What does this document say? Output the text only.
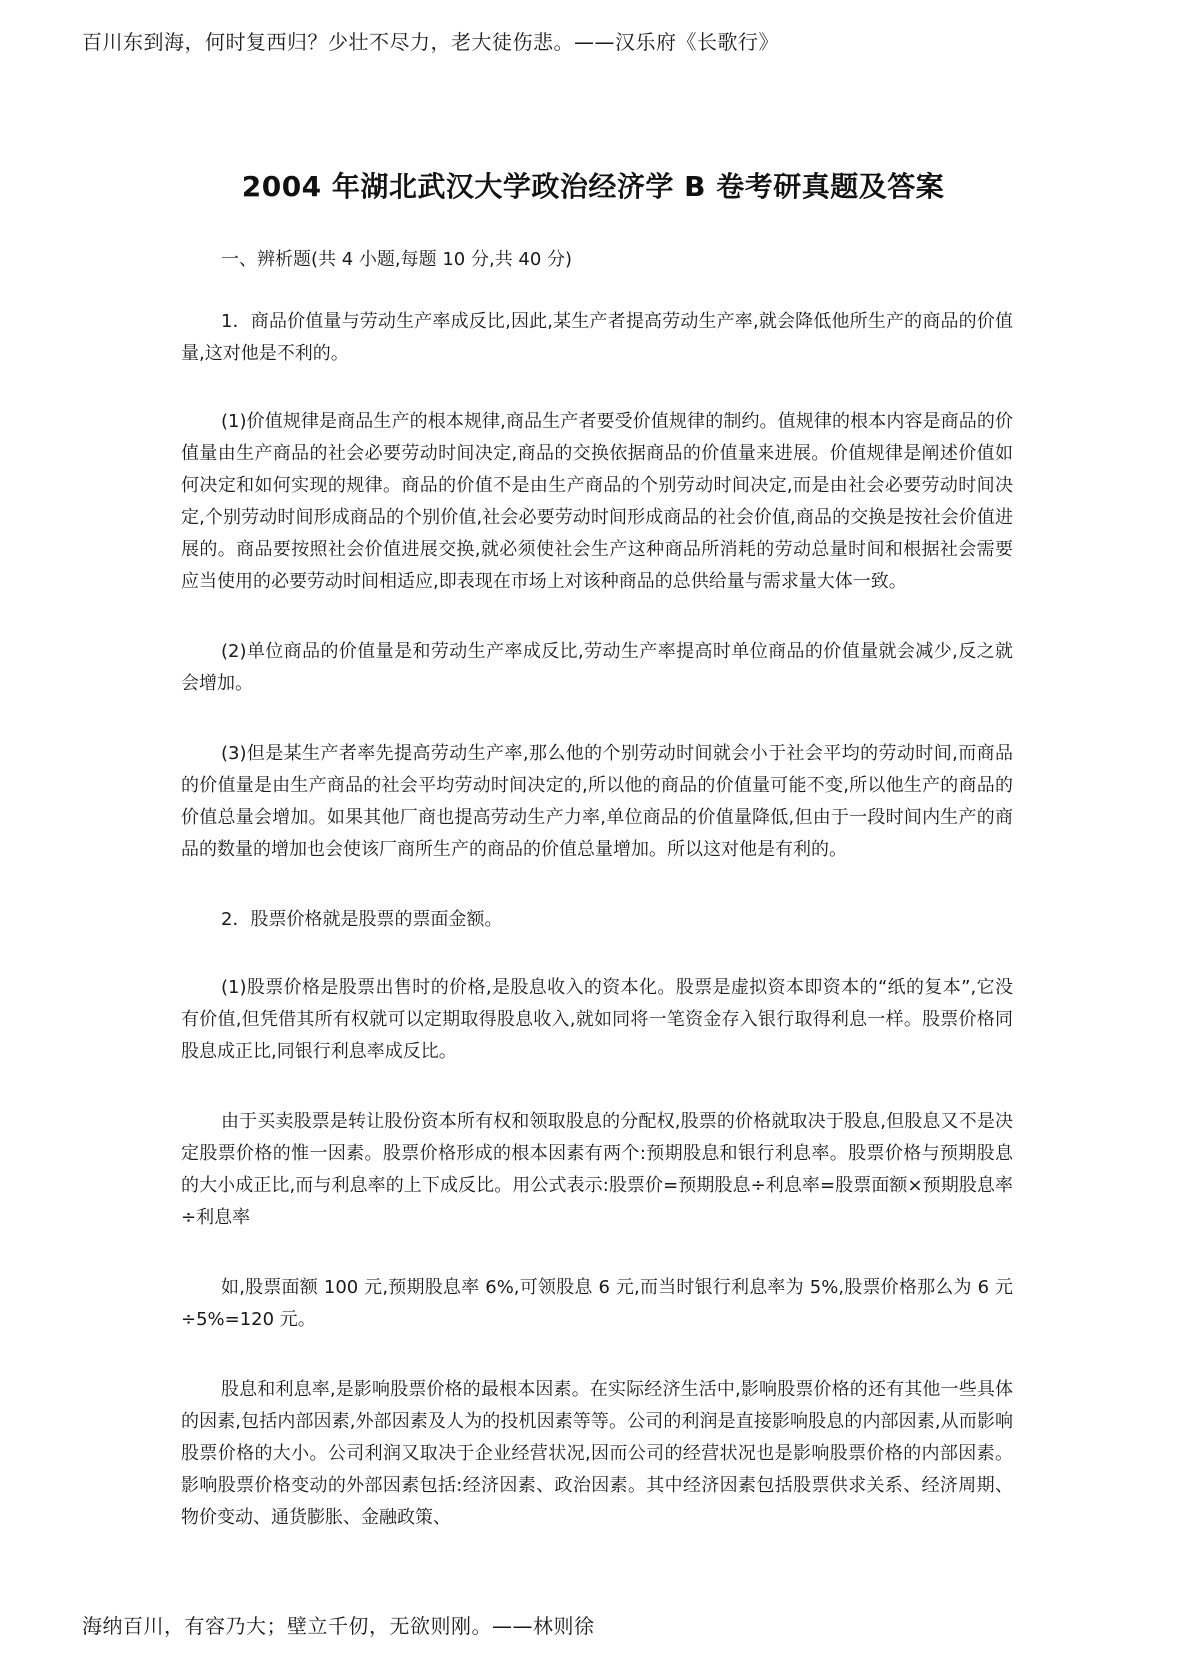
百川东到海，何时复西归？少壮不尽力，老大徒伤悲。——汉乐府《长歌行》
2004 年湖北武汉大学政治经济学 B 卷考研真题及答案

一、辨析题(共 4 小题,每题 10 分,共 40 分)

1．商品价值量与劳动生产率成反比,因此,某生产者提高劳动生产率,就会降低他所生产的商品的价值量,这对他是不利的。

(1)价值规律是商品生产的根本规律,商品生产者要受价值规律的制约。值规律的根本内容是商品的价值量由生产商品的社会必要劳动时间决定,商品的交换依据商品的价值量来进展。价值规律是阐述价值如何决定和如何实现的规律。商品的价值不是由生产商品的个别劳动时间决定,而是由社会必要劳动时间决定,个别劳动时间形成商品的个别价值,社会必要劳动时间形成商品的社会价值,商品的交换是按社会价值进展的。商品要按照社会价值进展交换,就必须使社会生产这种商品所消耗的劳动总量时间和根据社会需要应当使用的必要劳动时间相适应,即表现在市场上对该种商品的总供给量与需求量大体一致。

(2)单位商品的价值量是和劳动生产率成反比,劳动生产率提高时单位商品的价值量就会减少,反之就会增加。

(3)但是某生产者率先提高劳动生产率,那么他的个别劳动时间就会小于社会平均的劳动时间,而商品的价值量是由生产商品的社会平均劳动时间决定的,所以他的商品的价值量可能不变,所以他生产的商品的价值总量会增加。如果其他厂商也提高劳动生产力率,单位商品的价值量降低,但由于一段时间内生产的商品的数量的增加也会使该厂商所生产的商品的价值总量增加。所以这对他是有利的。

2．股票价格就是股票的票面金额。

(1)股票价格是股票出售时的价格,是股息收入的资本化。股票是虚拟资本即资本的“纸的复本”,它没有价值,但凭借其所有权就可以定期取得股息收入,就如同将一笔资金存入银行取得利息一样。股票价格同股息成正比,同银行利息率成反比。

由于买卖股票是转让股份资本所有权和领取股息的分配权,股票的价格就取决于股息,但股息又不是决定股票价格的惟一因素。股票价格形成的根本因素有两个:预期股息和银行利息率。股票价格与预期股息的大小成正比,而与利息率的上下成反比。用公式表示:股票价=预期股息÷利息率=股票面额×预期股息率÷利息率

如,股票面额 100 元,预期股息率 6%,可领股息 6 元,而当时银行利息率为 5%,股票价格那么为 6 元÷5%=120 元。

股息和利息率,是影响股票价格的最根本因素。在实际经济生活中,影响股票价格的还有其他一些具体的因素,包括内部因素,外部因素及人为的投机因素等等。公司的利润是直接影响股息的内部因素,从而影响股票价格的大小。公司利润又取决于企业经营状况,因而公司的经营状况也是影响股票价格的内部因素。影响股票价格变动的外部因素包括:经济因素、政治因素。其中经济因素包括股票供求关系、经济周期、物价变动、通货膨胀、金融政策、

海纳百川，有容乃大；壁立千仞，无欲则刚。——林则徐
